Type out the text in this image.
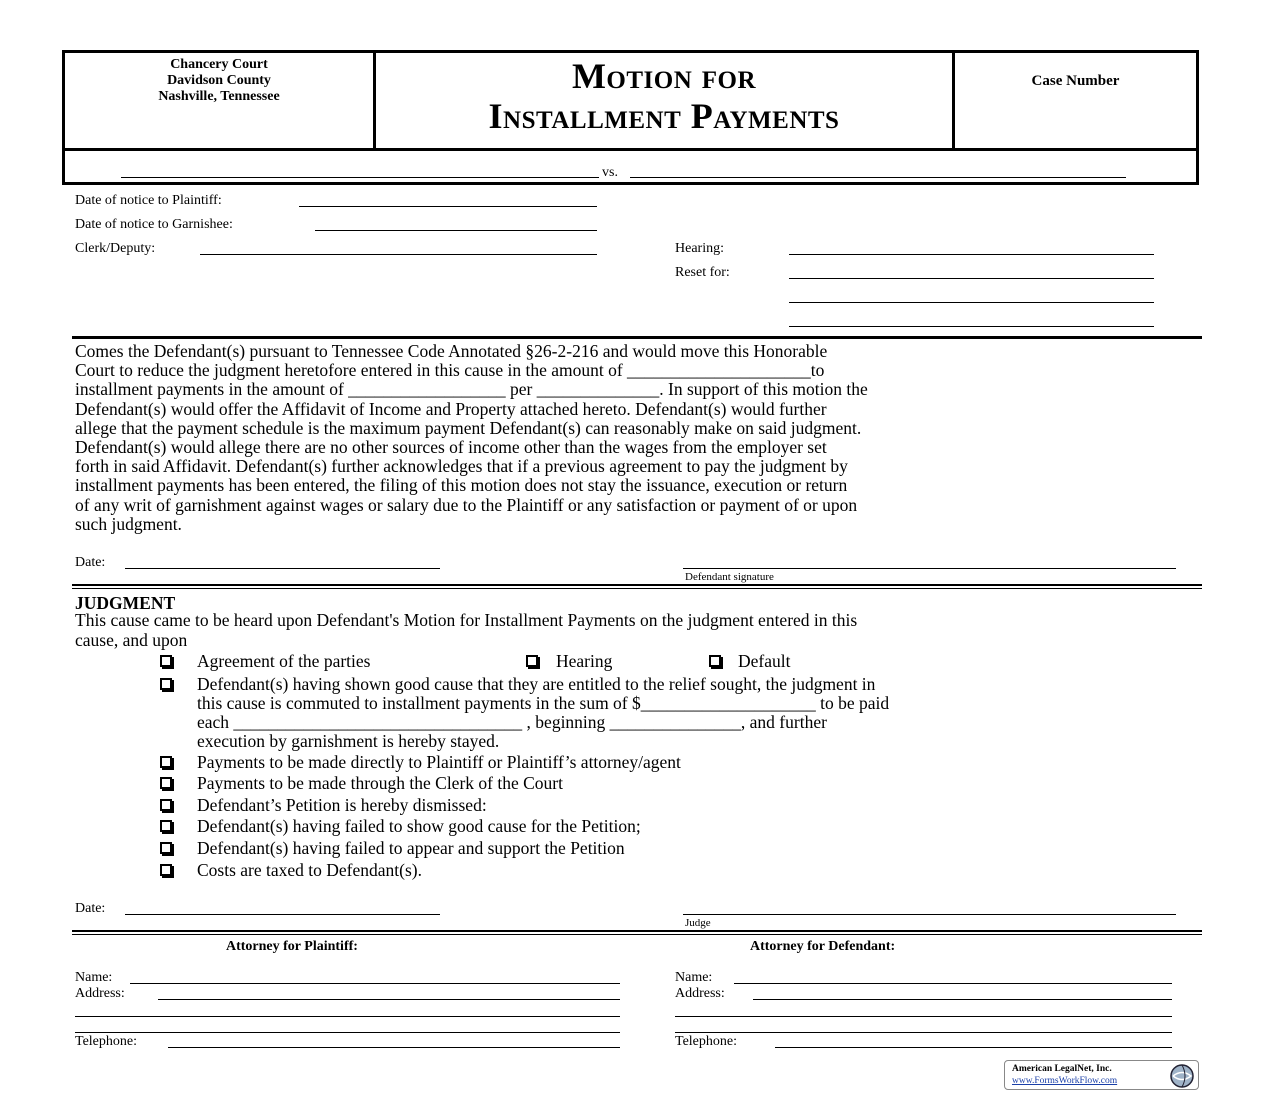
Chancery Court
Davidson County
Nashville, Tennessee
Motion for
Installment Payments
Case Number
vs.
Date of notice to Plaintiff:
Date of notice to Garnishee:
Clerk/Deputy:	Hearing:
Reset for:
Comes the Defendant(s) pursuant to Tennessee Code Annotated §26-2-216 and would move this Honorable
Court to reduce the judgment heretofore entered in this cause in the amount of _____________________to
installment payments in the amount of __________________ per ______________. In support of this motion the
Defendant(s) would offer the Affidavit of Income and Property attached hereto. Defendant(s) would further
allege that the payment schedule is the maximum payment Defendant(s) can reasonably make on said judgment.
Defendant(s) would allege there are no other sources of income other than the wages from the employer set
forth in said Affidavit. Defendant(s) further acknowledges that if a previous agreement to pay the judgment by
installment payments has been entered, the filing of this motion does not stay the issuance, execution or return
of any writ of garnishment against wages or salary due to the Plaintiff or any satisfaction or payment of or upon
such judgment.
Date:
Defendant signature
JUDGMENT
This cause came to be heard upon Defendant's Motion for Installment Payments on the judgment entered in this
cause, and upon
Agreement of the parties	Hearing	Default
Defendant(s) having shown good cause that they are entitled to the relief sought, the judgment in
this cause is commuted to installment payments in the sum of $____________________ to be paid
each _________________________________ , beginning _______________, and further
execution by garnishment is hereby stayed.
Payments to be made directly to Plaintiff or Plaintiff’s attorney/agent
Payments to be made through the Clerk of the Court
Defendant’s Petition is hereby dismissed:
Defendant(s) having failed to show good cause for the Petition;
Defendant(s) having failed to appear and support the Petition
Costs are taxed to Defendant(s).
Date:
Judge
Attorney for Plaintiff:	Attorney for Defendant:
Name:
Address:
Telephone:
Name:
Address:
Telephone:
American LegalNet, Inc.
www.FormsWorkFlow.com
